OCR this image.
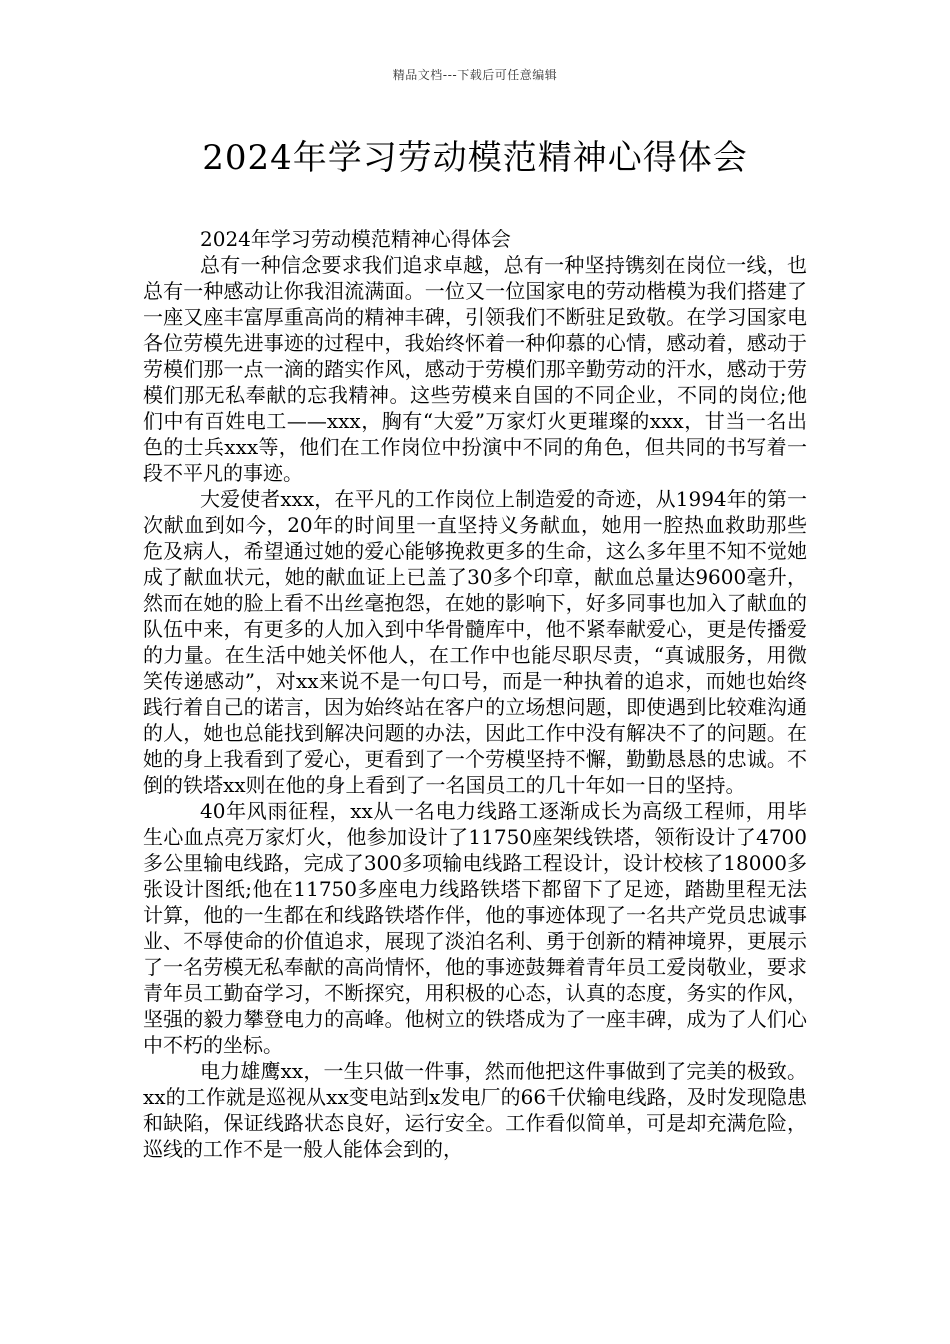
精品文档---下载后可任意编辑
2024年学习劳动模范精神心得体会

2024年学习劳动模范精神心得体会

总有一种信念要求我们追求卓越，总有一种坚持镌刻在岗位一线，也总有一种感动让你我泪流满面。一位又一位国家电的劳动楷模为我们搭建了一座又座丰富厚重高尚的精神丰碑，引领我们不断驻足致敬。在学习国家电各位劳模先进事迹的过程中，我始终怀着一种仰慕的心情，感动着，感动于劳模们那一点一滴的踏实作风，感动于劳模们那辛勤劳动的汗水，感动于劳模们那无私奉献的忘我精神。这些劳模来自国的不同企业，不同的岗位;他们中有百姓电工——xxx，胸有“大爱”万家灯火更璀璨的xxx，甘当一名出色的士兵xxx等，他们在工作岗位中扮演中不同的角色，但共同的书写着一段不平凡的事迹。

大爱使者xxx，在平凡的工作岗位上制造爱的奇迹，从1994年的第一次献血到如今，20年的时间里一直坚持义务献血，她用一腔热血救助那些危及病人，希望通过她的爱心能够挽救更多的生命，这么多年里不知不觉她成了献血状元，她的献血证上已盖了30多个印章，献血总量达9600毫升，然而在她的脸上看不出丝毫抱怨，在她的影响下，好多同事也加入了献血的队伍中来，有更多的人加入到中华骨髓库中，他不紧奉献爱心，更是传播爱的力量。在生活中她关怀他人，在工作中也能尽职尽责，“真诚服务，用微笑传递感动”，对xx来说不是一句口号，而是一种执着的追求，而她也始终践行着自己的诺言，因为始终站在客户的立场想问题，即使遇到比较难沟通的人，她也总能找到解决问题的办法，因此工作中没有解决不了的问题。在她的身上我看到了爱心，更看到了一个劳模坚持不懈，勤勤恳恳的忠诚。不倒的铁塔xx则在他的身上看到了一名国员工的几十年如一日的坚持。

40年风雨征程，xx从一名电力线路工逐渐成长为高级工程师，用毕生心血点亮万家灯火，他参加设计了11750座架线铁塔，领衔设计了4700多公里输电线路，完成了300多项输电线路工程设计，设计校核了18000多张设计图纸;他在11750多座电力线路铁塔下都留下了足迹，踏勘里程无法计算，他的一生都在和线路铁塔作伴，他的事迹体现了一名共产党员忠诚事业、不辱使命的价值追求，展现了淡泊名利、勇于创新的精神境界，更展示了一名劳模无私奉献的高尚情怀，他的事迹鼓舞着青年员工爱岗敬业，要求青年员工勤奋学习，不断探究，用积极的心态，认真的态度，务实的作风，坚强的毅力攀登电力的高峰。他树立的铁塔成为了一座丰碑，成为了人们心中不朽的坐标。

电力雄鹰xx，一生只做一件事，然而他把这件事做到了完美的极致。xx的工作就是巡视从xx变电站到x发电厂的66千伏输电线路，及时发现隐患和缺陷，保证线路状态良好，运行安全。工作看似简单，可是却充满危险，巡线的工作不是一般人能体会到的，
